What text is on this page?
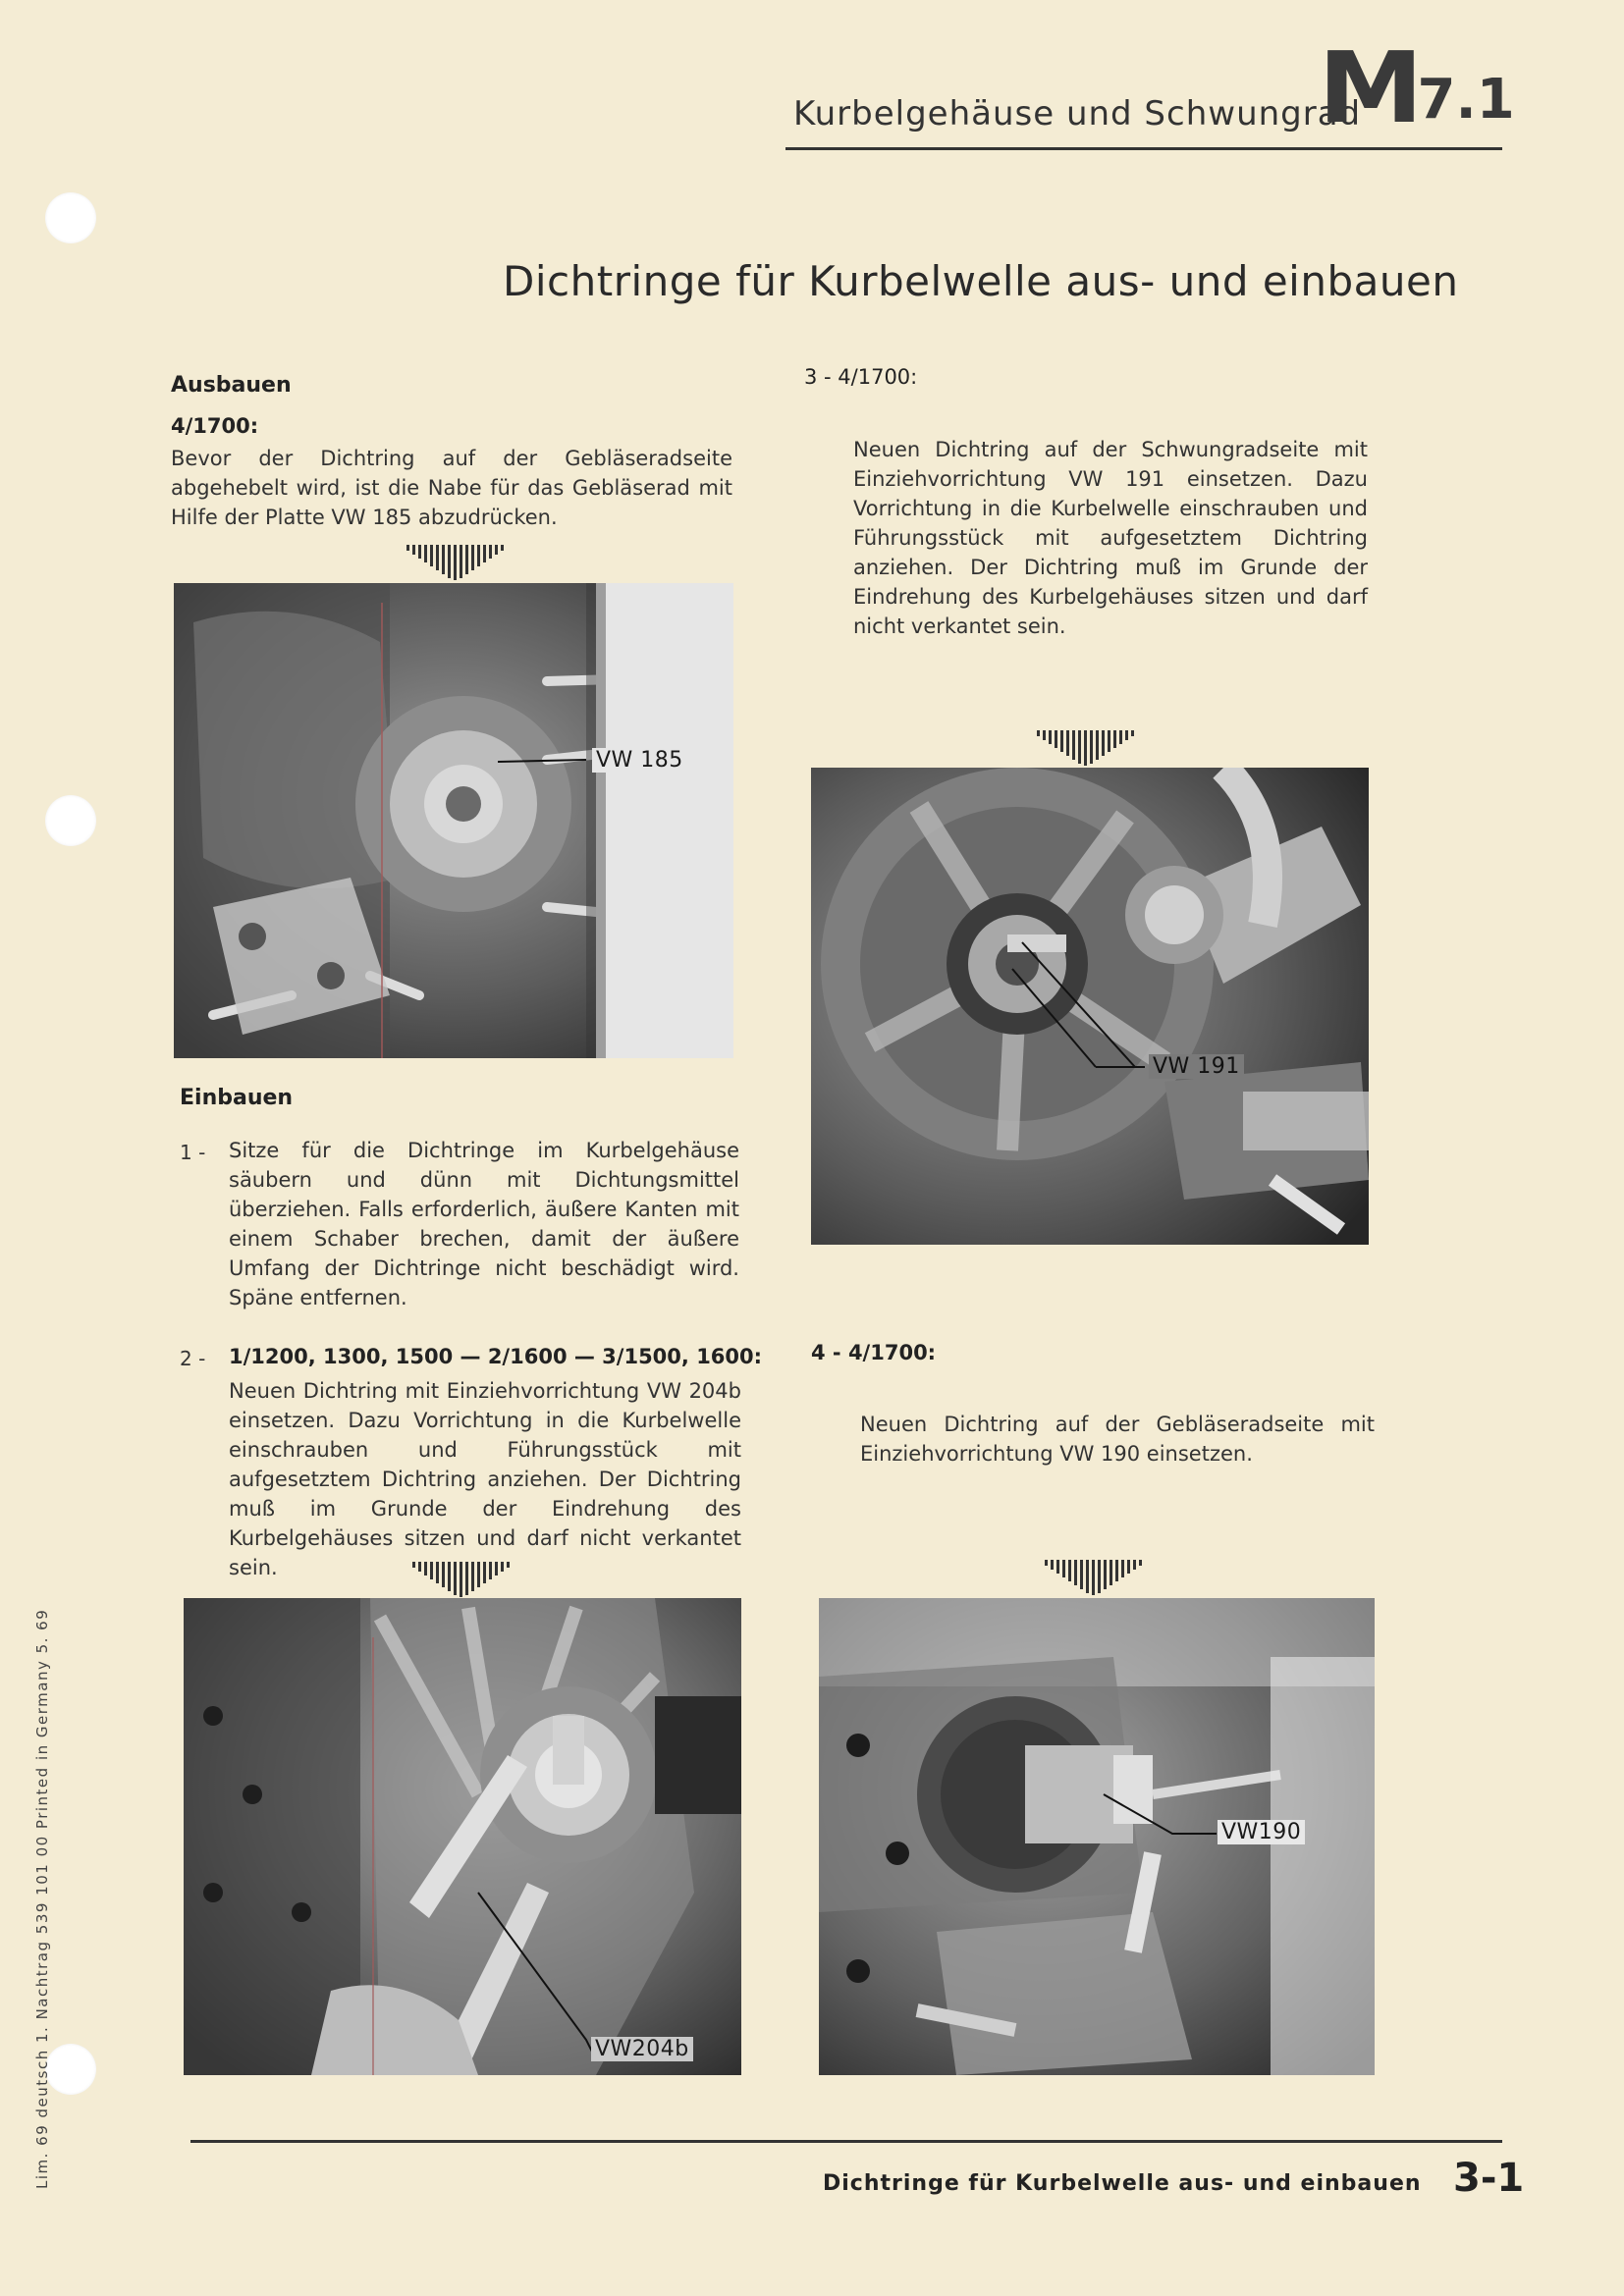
Kurbelgehäuse und Schwungrad
M7.1
Dichtringe für Kurbelwelle aus- und einbauen
Ausbauen
4/1700:
Bevor der Dichtring auf der Gebläseradseite abgehebelt wird, ist die Nabe für das Gebläserad mit Hilfe der Platte VW 185 abzudrücken.
VW 185
Einbauen
1 - Sitze für die Dichtringe im Kurbelgehäuse säubern und dünn mit Dichtungsmittel überziehen. Falls erforderlich, äußere Kanten mit einem Schaber brechen, damit der äußere Umfang der Dichtringe nicht beschädigt wird. Späne entfernen.
2 - 1/1200, 1300, 1500 — 2/1600 — 3/1500, 1600:
Neuen Dichtring mit Einziehvorrichtung VW 204b einsetzen. Dazu Vorrichtung in die Kurbelwelle einschrauben und Führungsstück mit aufgesetztem Dichtring anziehen. Der Dichtring muß im Grunde der Eindrehung des Kurbelgehäuses sitzen und darf nicht verkantet sein.
VW204b
3 - 4/1700:
Neuen Dichtring auf der Schwungradseite mit Einziehvorrichtung VW 191 einsetzen. Dazu Vorrichtung in die Kurbelwelle einschrauben und Führungsstück mit aufgesetztem Dichtring anziehen. Der Dichtring muß im Grunde der Eindrehung des Kurbelgehäuses sitzen und darf nicht verkantet sein.
VW 191
4 - 4/1700:
Neuen Dichtring auf der Gebläseradseite mit Einziehvorrichtung VW 190 einsetzen.
VW190
Dichtringe für Kurbelwelle aus- und einbauen 3-1
Lim. 69 deutsch 1. Nachtrag 539 101 00 Printed in Germany 5. 69
